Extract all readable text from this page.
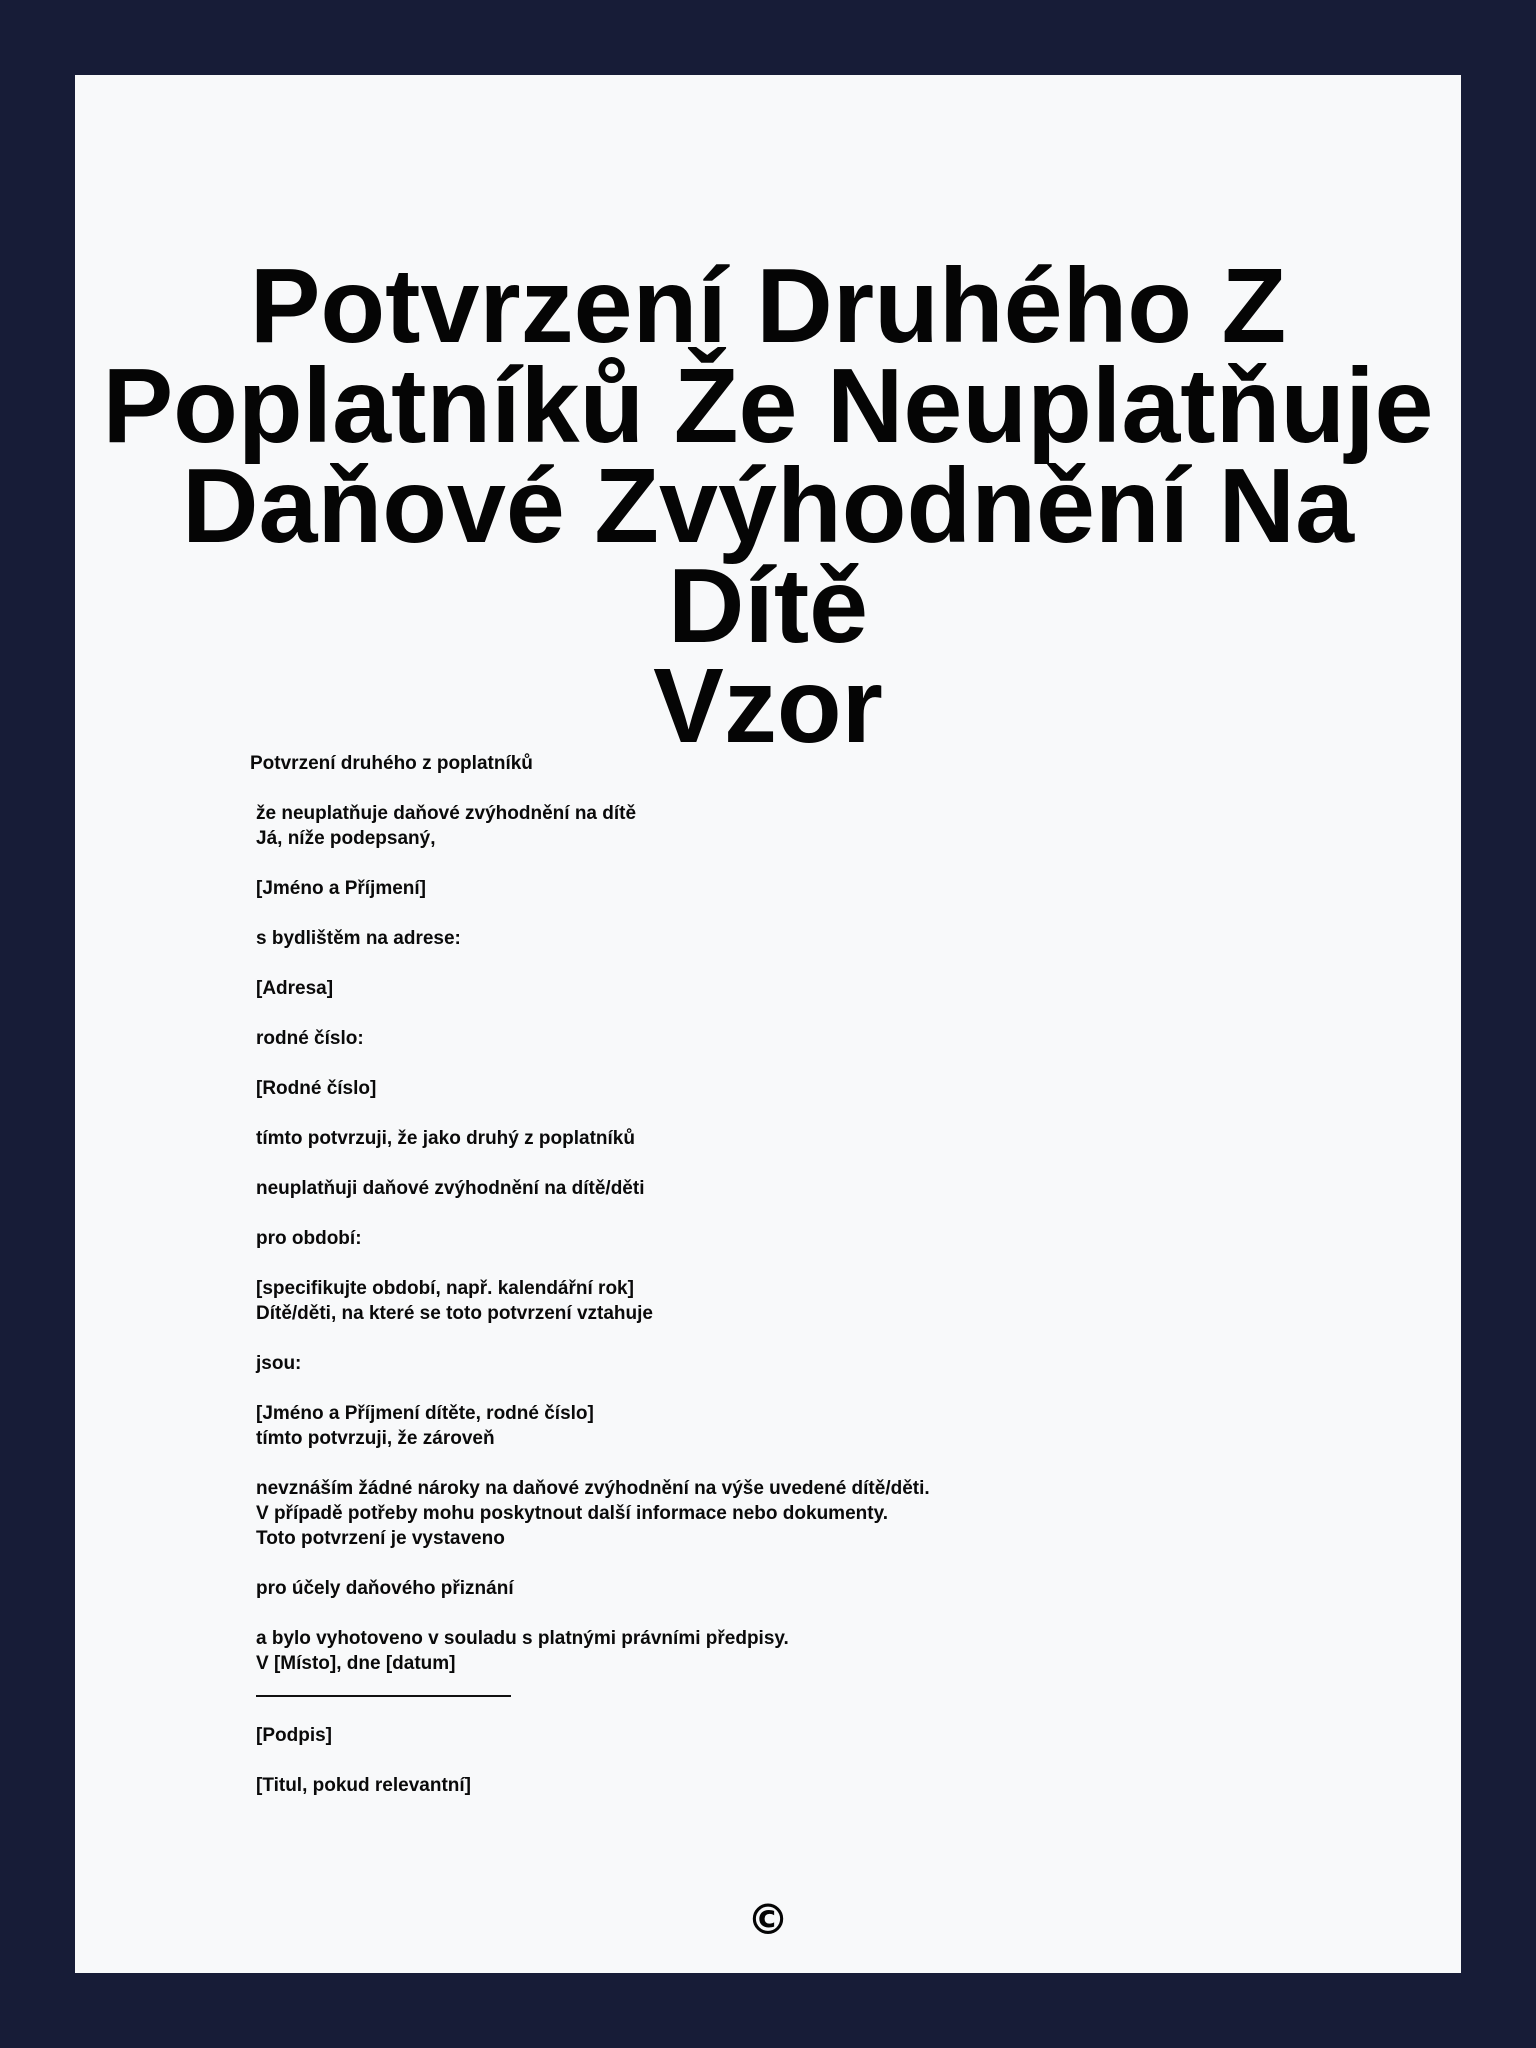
Potvrzení Druhého Z
Poplatníků Že Neuplatňuje
Daňové Zvýhodnění Na Dítě
Vzor
Potvrzení druhého z poplatníků
že neuplatňuje daňové zvýhodnění na dítě
Já, níže podepsaný,
[Jméno a Příjmení]
s bydlištěm na adrese:
[Adresa]
rodné číslo:
[Rodné číslo]
tímto potvrzuji, že jako druhý z poplatníků
neuplatňuji daňové zvýhodnění na dítě/děti
pro období:
[specifikujte období, např. kalendářní rok]
Dítě/děti, na které se toto potvrzení vztahuje
jsou:
[Jméno a Příjmení dítěte, rodné číslo]
tímto potvrzuji, že zároveň
nevznáším žádné nároky na daňové zvýhodnění na výše uvedené dítě/děti.
V případě potřeby mohu poskytnout další informace nebo dokumenty.
Toto potvrzení je vystaveno
pro účely daňového přiznání
a bylo vyhotoveno v souladu s platnými právními předpisy.
V [Místo], dne [datum]
[Podpis]
[Titul, pokud relevantní]
©
